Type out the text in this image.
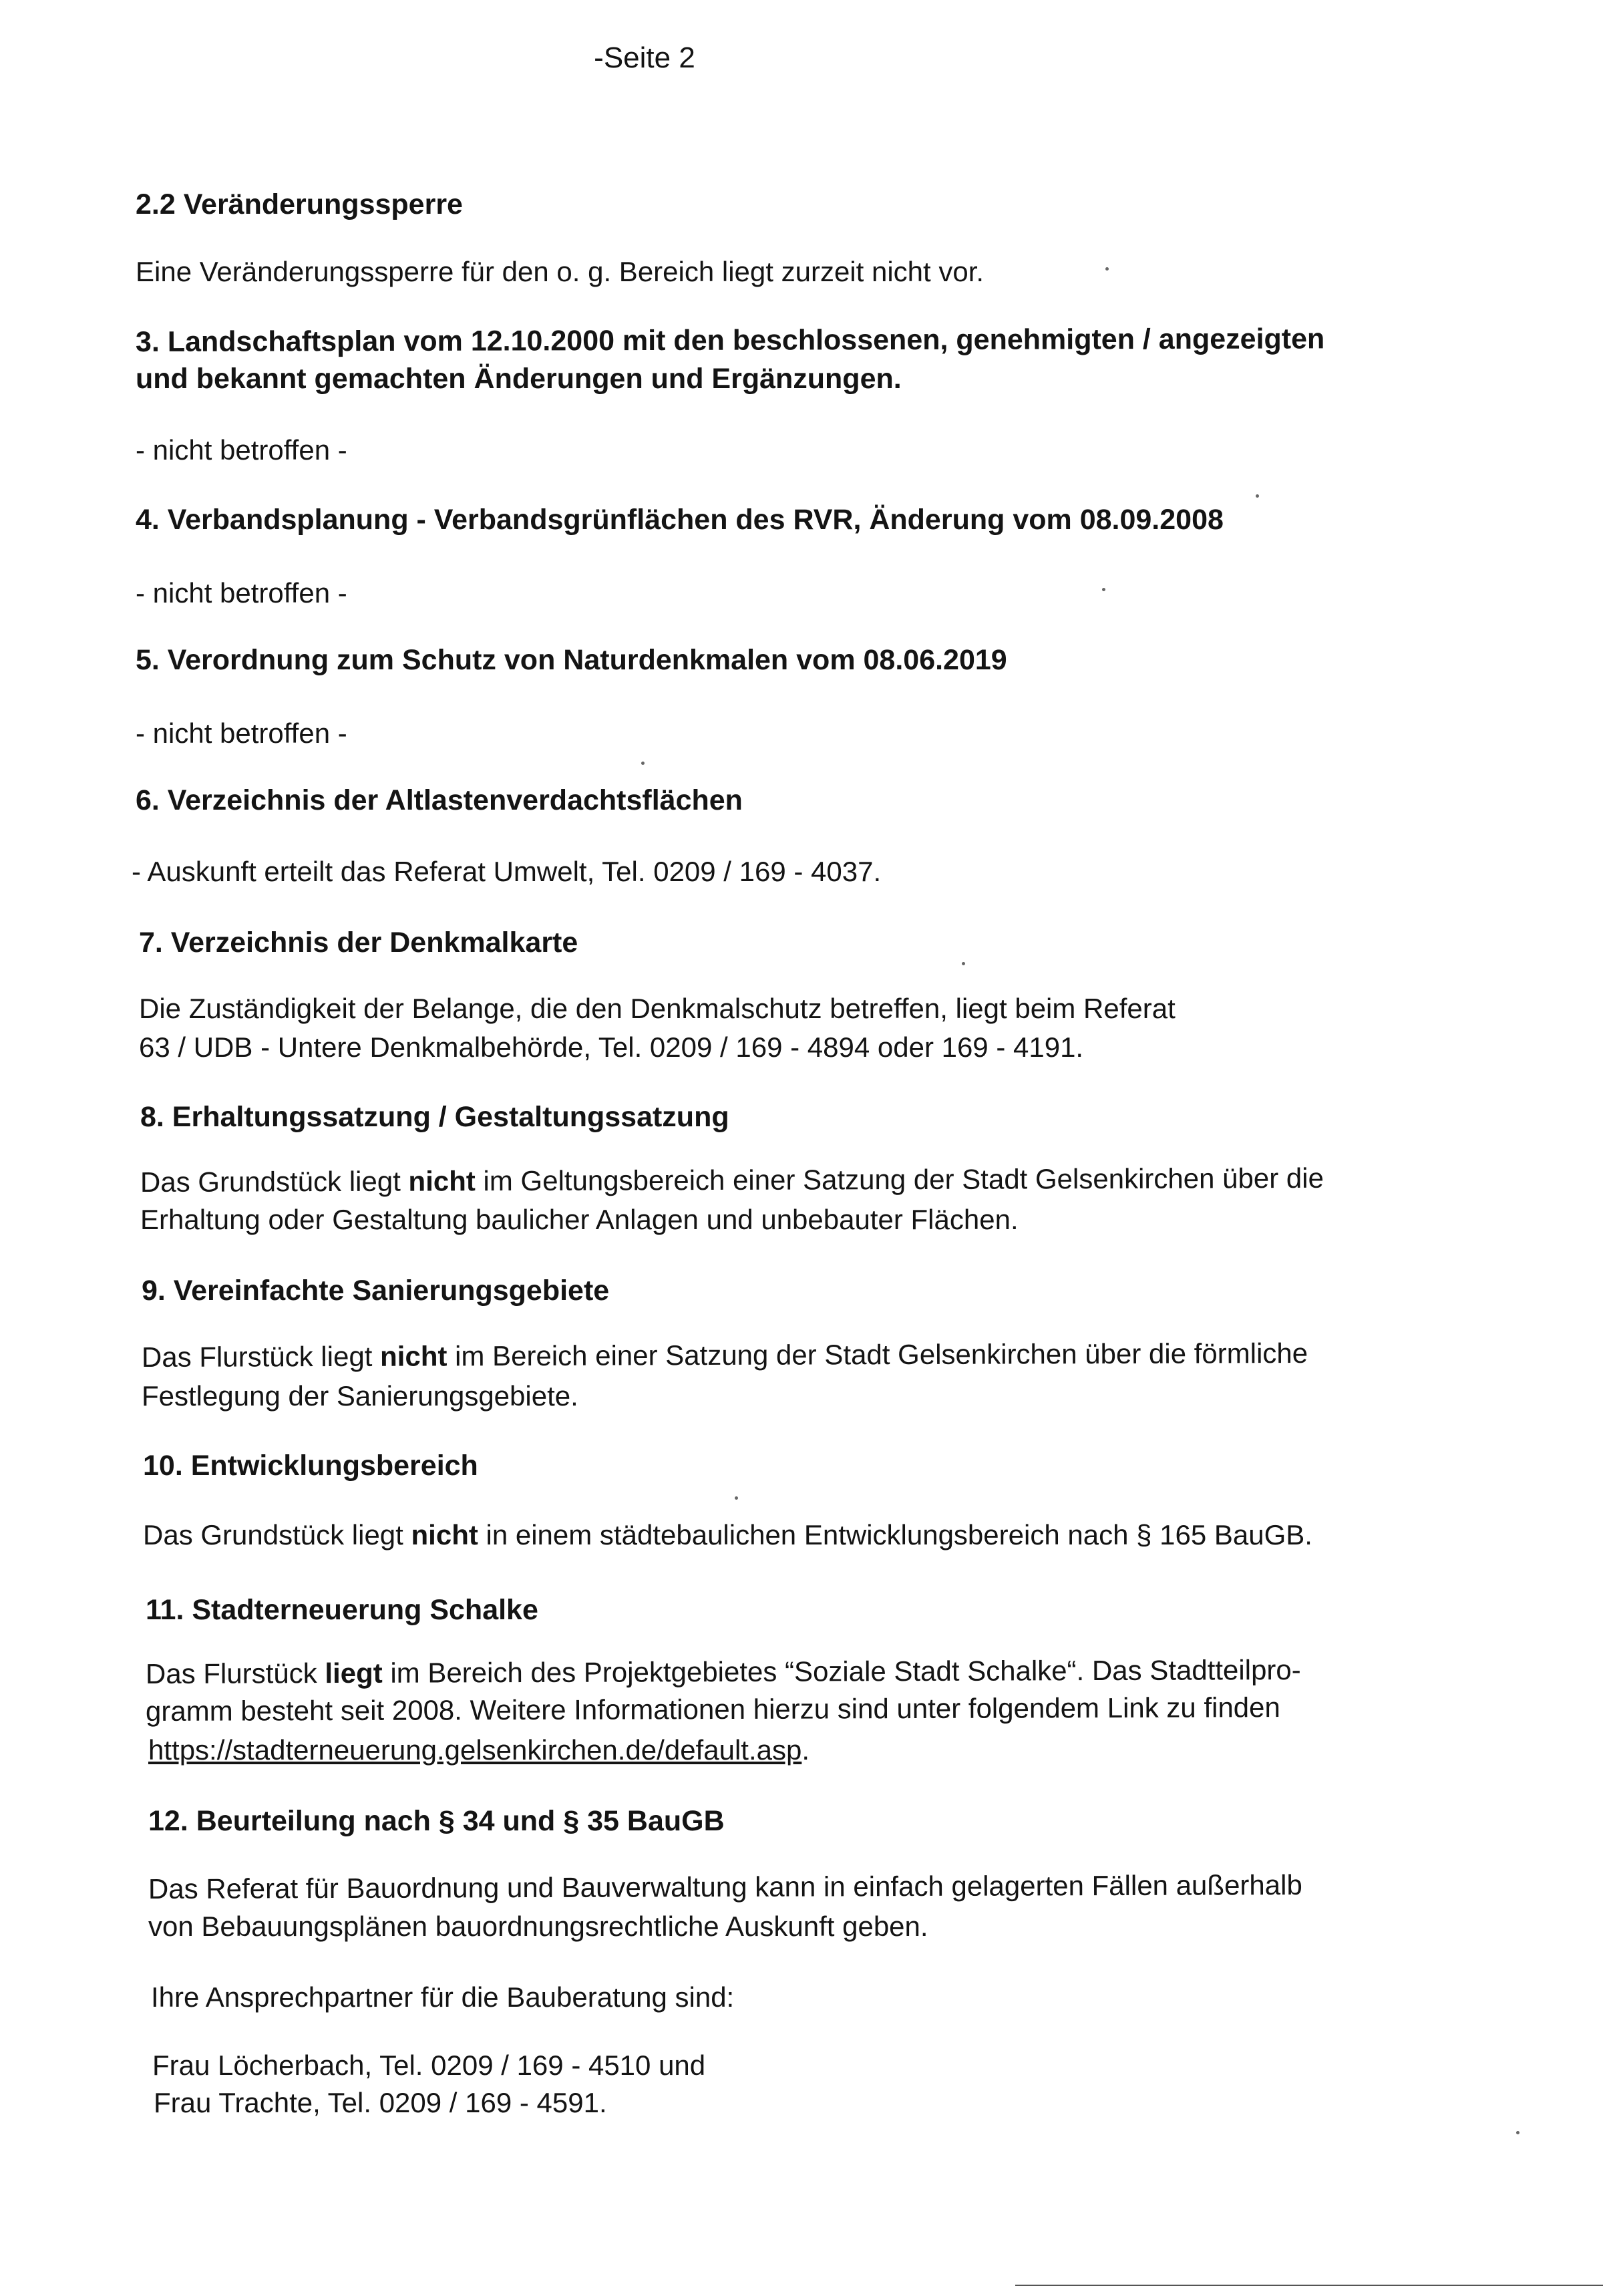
-Seite 2
2.2 Veränderungssperre
Eine Veränderungssperre für den o. g. Bereich liegt zurzeit nicht vor.
3. Landschaftsplan vom 12.10.2000 mit den beschlossenen, genehmigten / angezeigten
und bekannt gemachten Änderungen und Ergänzungen.
- nicht betroffen -
4. Verbandsplanung - Verbandsgrünflächen des RVR, Änderung vom 08.09.2008
- nicht betroffen -
5. Verordnung zum Schutz von Naturdenkmalen vom 08.06.2019
- nicht betroffen -
6. Verzeichnis der Altlastenverdachtsflächen
- Auskunft erteilt das Referat Umwelt, Tel. 0209 / 169 - 4037.
7. Verzeichnis der Denkmalkarte
Die Zuständigkeit der Belange, die den Denkmalschutz betreffen, liegt beim Referat
63 / UDB - Untere Denkmalbehörde, Tel. 0209 / 169 - 4894 oder 169 - 4191.
8. Erhaltungssatzung / Gestaltungssatzung
Das Grundstück liegt nicht im Geltungsbereich einer Satzung der Stadt Gelsenkirchen über die
Erhaltung oder Gestaltung baulicher Anlagen und unbebauter Flächen.
9. Vereinfachte Sanierungsgebiete
Das Flurstück liegt nicht im Bereich einer Satzung der Stadt Gelsenkirchen über die förmliche
Festlegung der Sanierungsgebiete.
10. Entwicklungsbereich
Das Grundstück liegt nicht in einem städtebaulichen Entwicklungsbereich nach § 165 BauGB.
11. Stadterneuerung Schalke
Das Flurstück liegt im Bereich des Projektgebietes “Soziale Stadt Schalke“. Das Stadtteilpro-
gramm besteht seit 2008. Weitere Informationen hierzu sind unter folgendem Link zu finden
https://stadterneuerung.gelsenkirchen.de/default.asp.
12. Beurteilung nach § 34 und § 35 BauGB
Das Referat für Bauordnung und Bauverwaltung kann in einfach gelagerten Fällen außerhalb
von Bebauungsplänen bauordnungsrechtliche Auskunft geben.
Ihre Ansprechpartner für die Bauberatung sind:
Frau Löcherbach, Tel. 0209 / 169 - 4510 und
Frau Trachte, Tel. 0209 / 169 - 4591.
